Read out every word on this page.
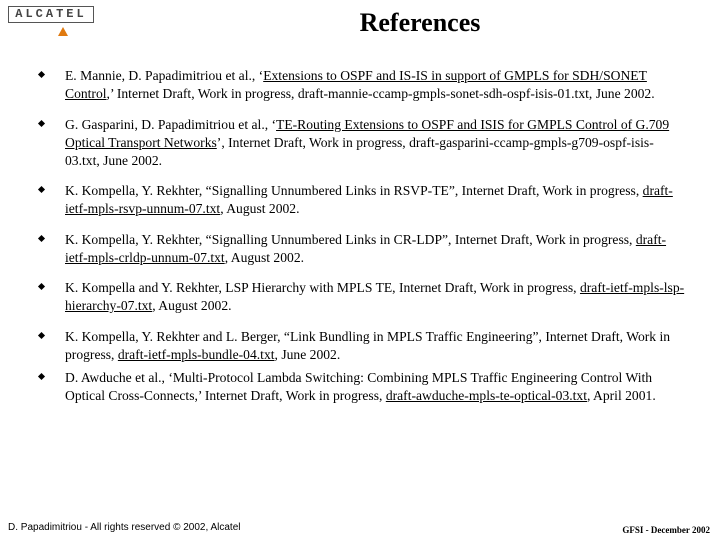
ALCATEL	References
E. Mannie, D. Papadimitriou et al., ‘Extensions to OSPF and IS-IS in support of GMPLS for SDH/SONET Control,’ Internet Draft, Work in progress, draft-mannie-ccamp-gmpls-sonet-sdh-ospf-isis-01.txt, June 2002.
G. Gasparini, D. Papadimitriou et al., ‘TE-Routing Extensions to OSPF and ISIS for GMPLS Control of G.709 Optical Transport Networks’, Internet Draft, Work in progress, draft-gasparini-ccamp-gmpls-g709-ospf-isis-03.txt, June 2002.
K. Kompella, Y. Rekhter, “Signalling Unnumbered Links in RSVP-TE”, Internet Draft, Work in progress, draft-ietf-mpls-rsvp-unnum-07.txt, August 2002.
K. Kompella, Y. Rekhter, “Signalling Unnumbered Links in CR-LDP”, Internet Draft, Work in progress, draft-ietf-mpls-crldp-unnum-07.txt, August 2002.
K. Kompella and Y. Rekhter, LSP Hierarchy with MPLS TE, Internet Draft, Work in progress, draft-ietf-mpls-lsp-hierarchy-07.txt, August 2002.
K. Kompella, Y. Rekhter and L. Berger, “Link Bundling in MPLS Traffic Engineering”, Internet Draft, Work in progress, draft-ietf-mpls-bundle-04.txt, June 2002.
D. Awduche et al., ‘Multi-Protocol Lambda Switching: Combining MPLS Traffic Engineering Control With Optical Cross-Connects,’ Internet Draft, Work in progress, draft-awduche-mpls-te-optical-03.txt, April 2001.
D. Papadimitriou - All rights reserved © 2002, Alcatel	GFSI - December 2002
